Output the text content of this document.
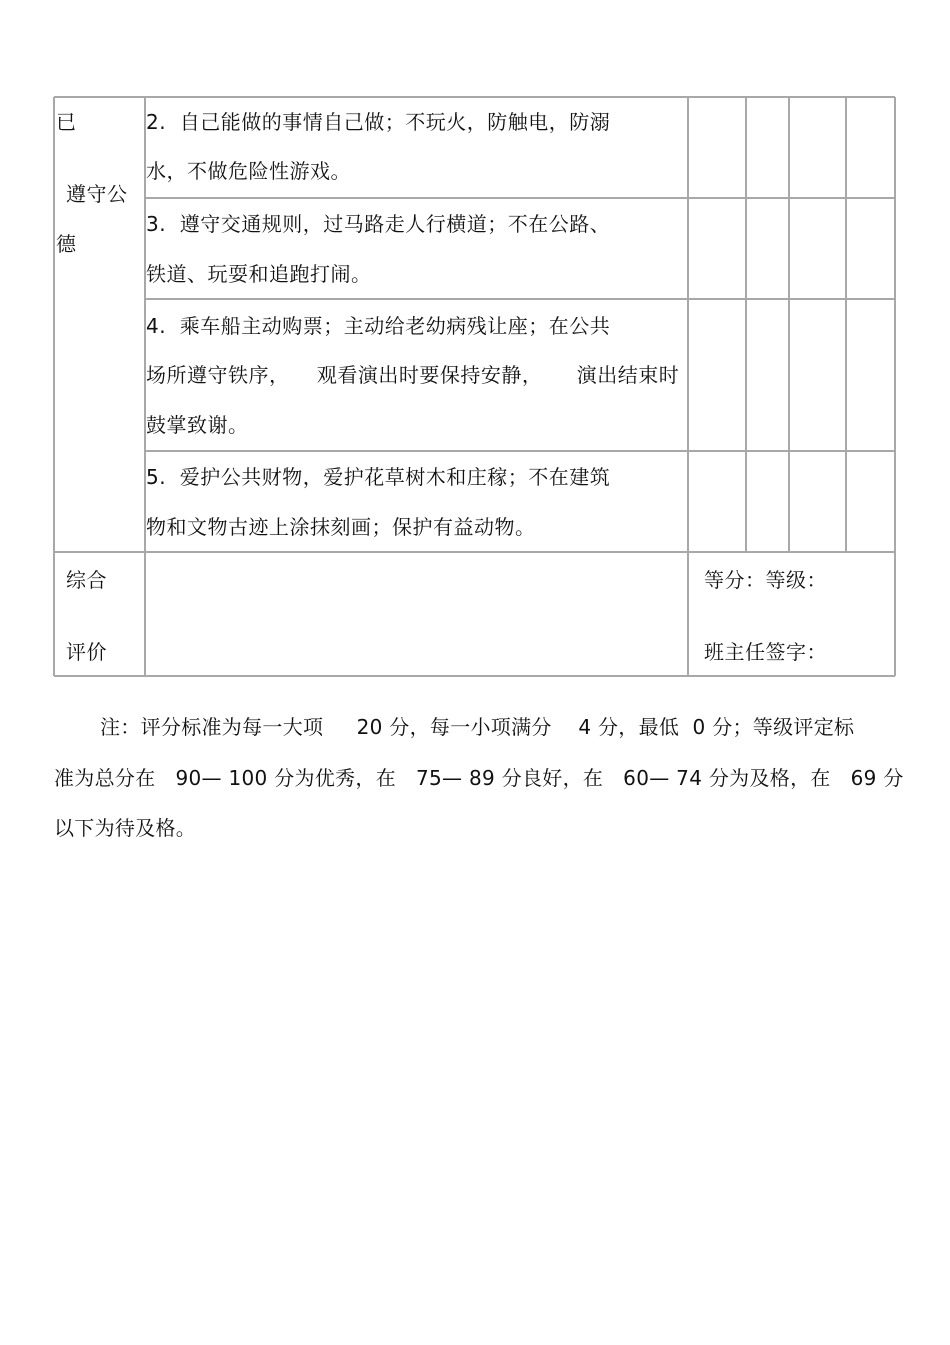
已
遵守公
德
2.  自己能做的事情自己做；不玩火，防触电，防溺
水，不做危险性游戏。
3.  遵守交通规则，过马路走人行横道；不在公路、
铁道、玩耍和追跑打闹。
4.  乘车船主动购票；主动给老幼病残让座；在公共
场所遵守铁序，    观看演出时要保持安静，     演出结束时
鼓掌致谢。
5.  爱护公共财物，爱护花草树木和庄稼；不在建筑
物和文物古迹上涂抹刻画；保护有益动物。
综合
评价
等分：等级：
班主任签字：
注：评分标准为每一大项     20 分，每一小项满分    4 分，最低  0 分；等级评定标
准为总分在   90— 100 分为优秀，在   75— 89 分良好，在   60— 74 分为及格，在   69 分
以下为待及格。
